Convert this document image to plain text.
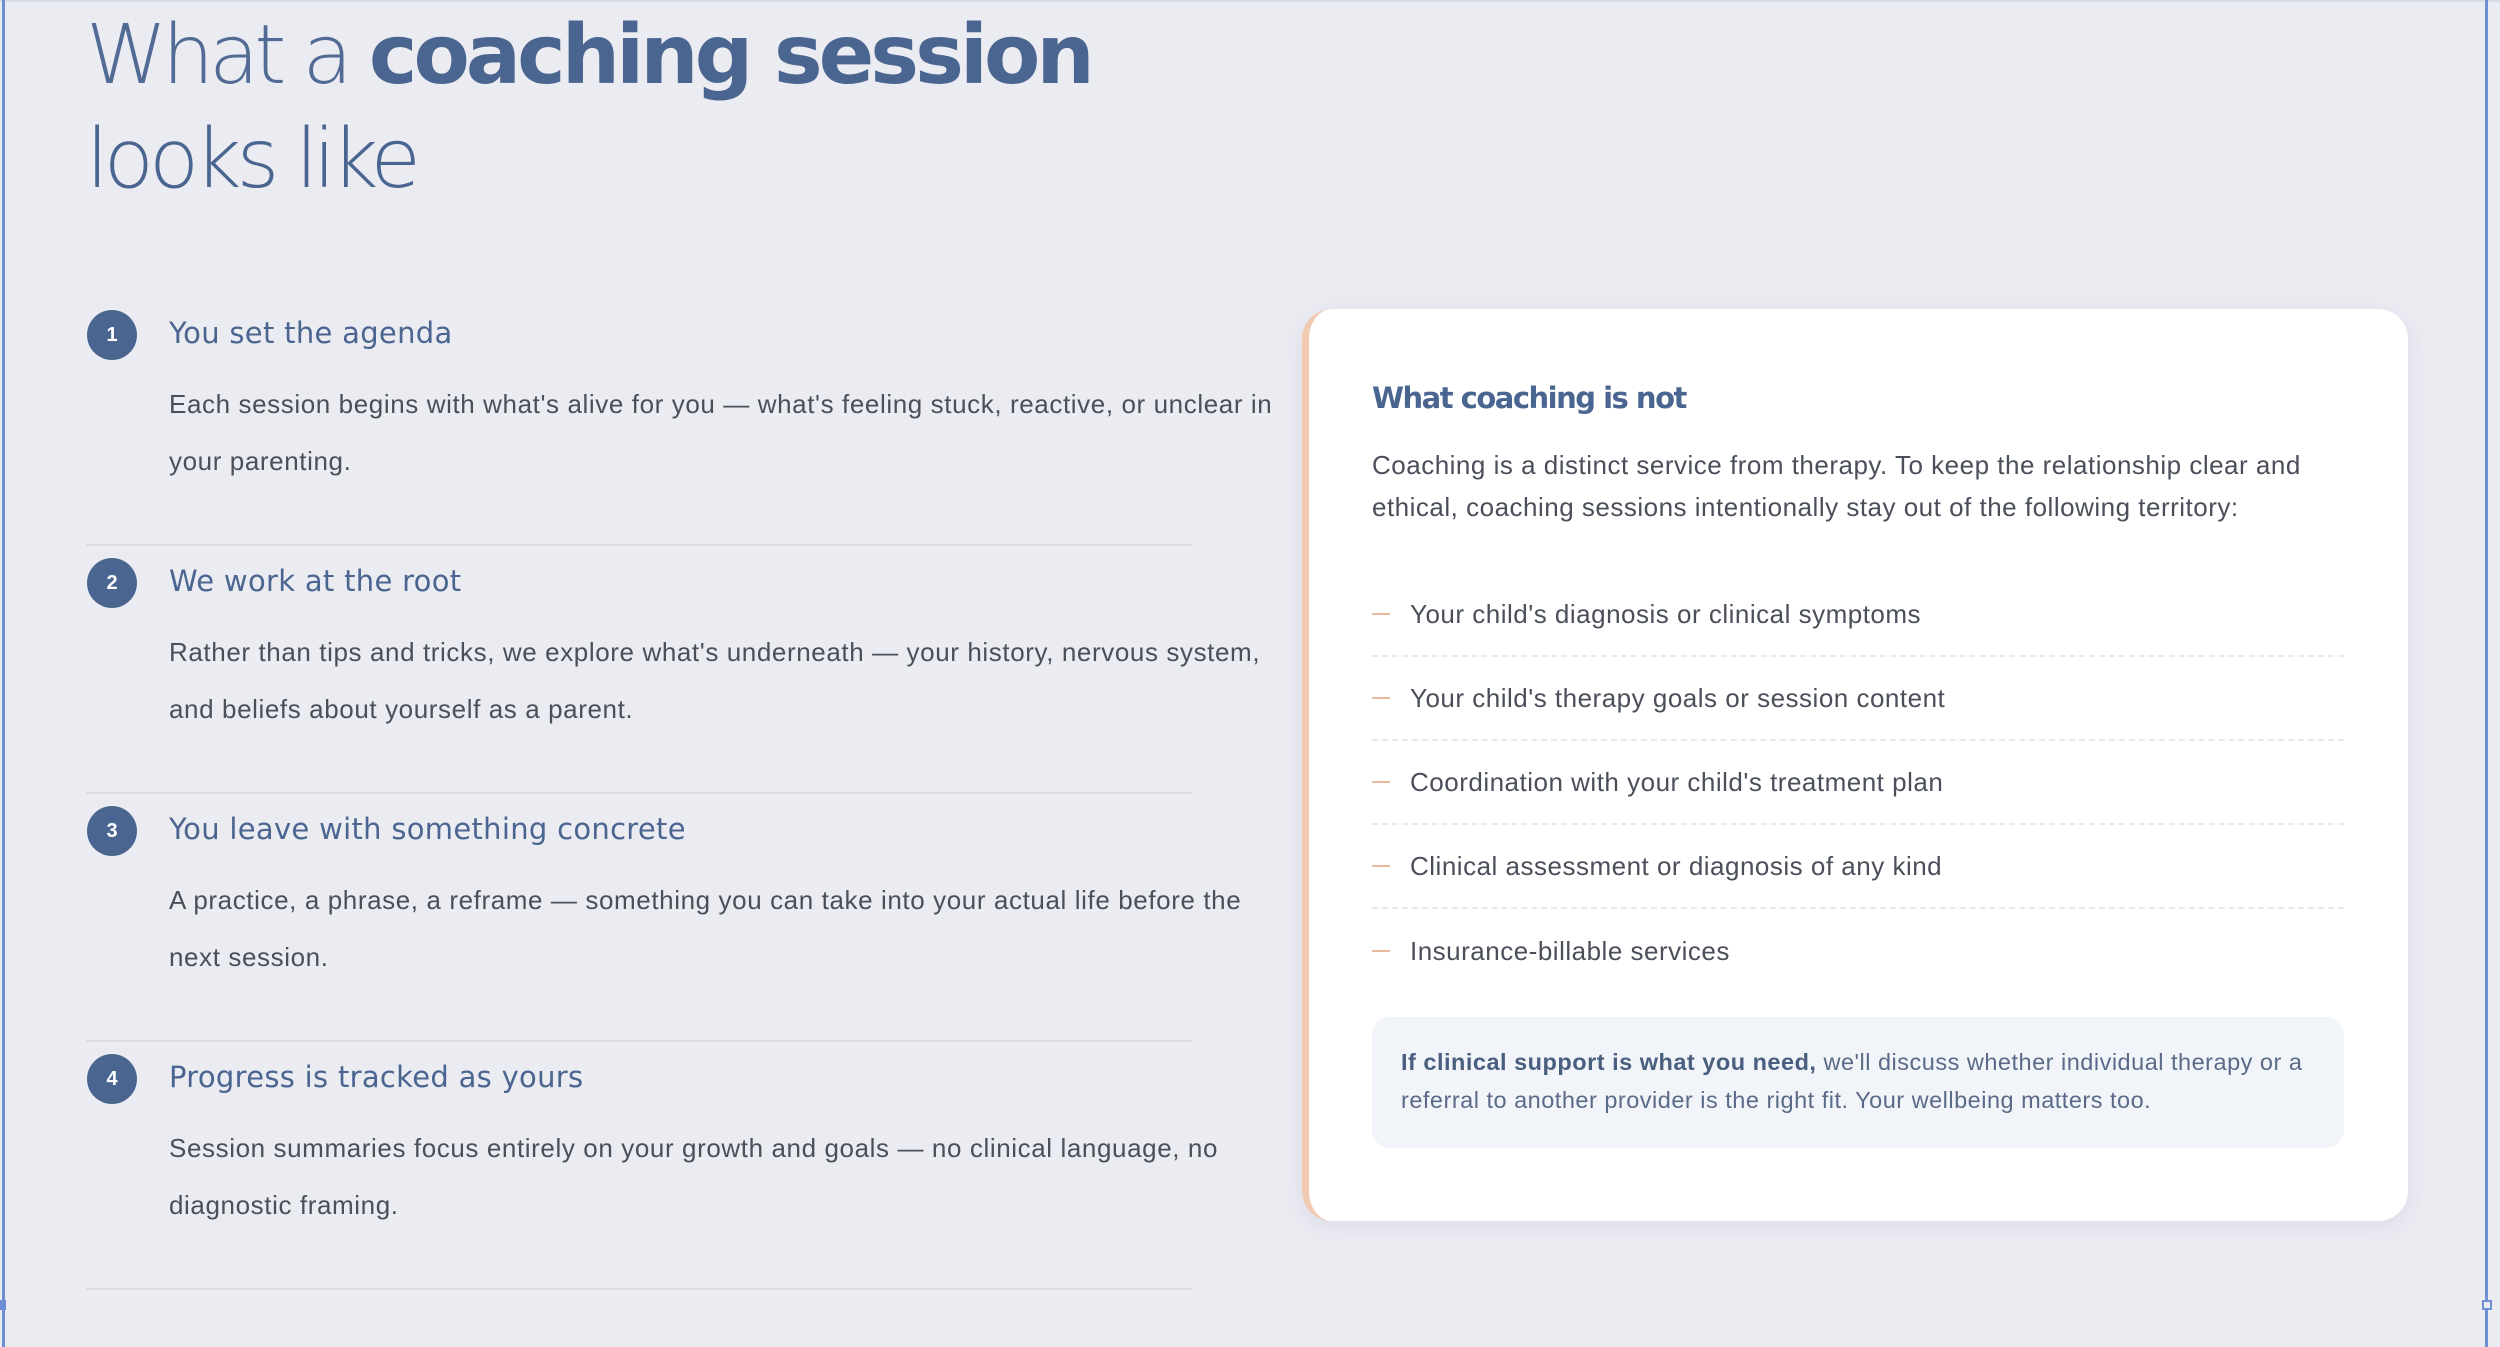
What a coaching session
looks like
1	You set the agenda
Each session begins with what's alive for you — what's feeling stuck, reactive, or unclear in your parenting.
2	We work at the root
Rather than tips and tricks, we explore what's underneath — your history, nervous system, and beliefs about yourself as a parent.
3	You leave with something concrete
A practice, a phrase, a reframe — something you can take into your actual life before the next session.
4	Progress is tracked as yours
Session summaries focus entirely on your growth and goals — no clinical language, no diagnostic framing.
What coaching is not
Coaching is a distinct service from therapy. To keep the relationship clear and ethical, coaching sessions intentionally stay out of the following territory:
Your child's diagnosis or clinical symptoms
Your child's therapy goals or session content
Coordination with your child's treatment plan
Clinical assessment or diagnosis of any kind
Insurance-billable services
If clinical support is what you need, we'll discuss whether individual therapy or a referral to another provider is the right fit. Your wellbeing matters too.
